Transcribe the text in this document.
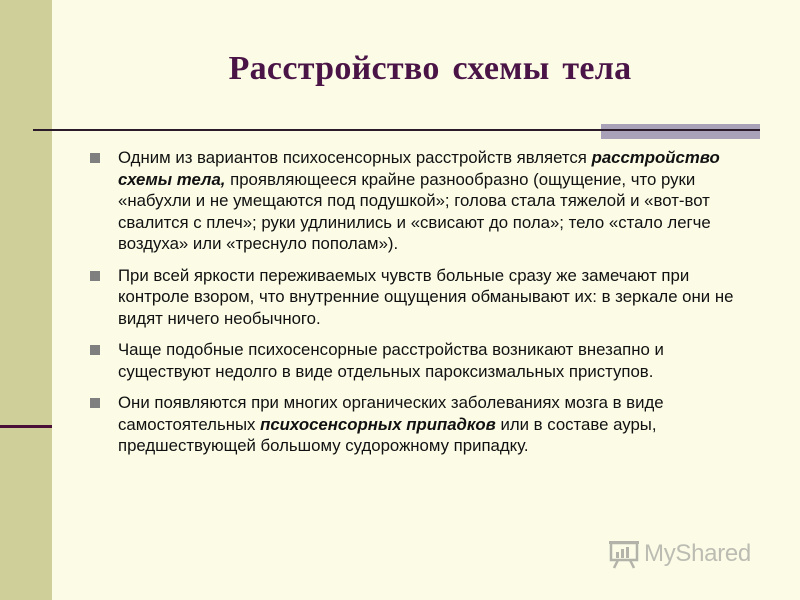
Расстройство схемы тела
Одним из вариантов психосенсорных расстройств является расстройство схемы тела, проявляющееся крайне разнообразно (ощущение, что руки «набухли и не умещаются под подушкой»; голова стала тяжелой и «вот-вот свалится с плеч»; руки удлинились и «свисают до пола»; тело «стало легче воздуха» или «треснуло пополам»).
При всей яркости переживаемых чувств больные сразу же замечают при контроле взором, что внутренние ощущения обманывают их: в зеркале они не видят ничего необычного.
Чаще подобные психосенсорные расстройства возникают внезапно и существуют недолго в виде отдельных пароксизмальных приступов.
Они появляются при многих органических заболеваниях мозга в виде самостоятельных психосенсорных припадков или в составе ауры, предшествующей большому судорожному припадку.
MyShared
